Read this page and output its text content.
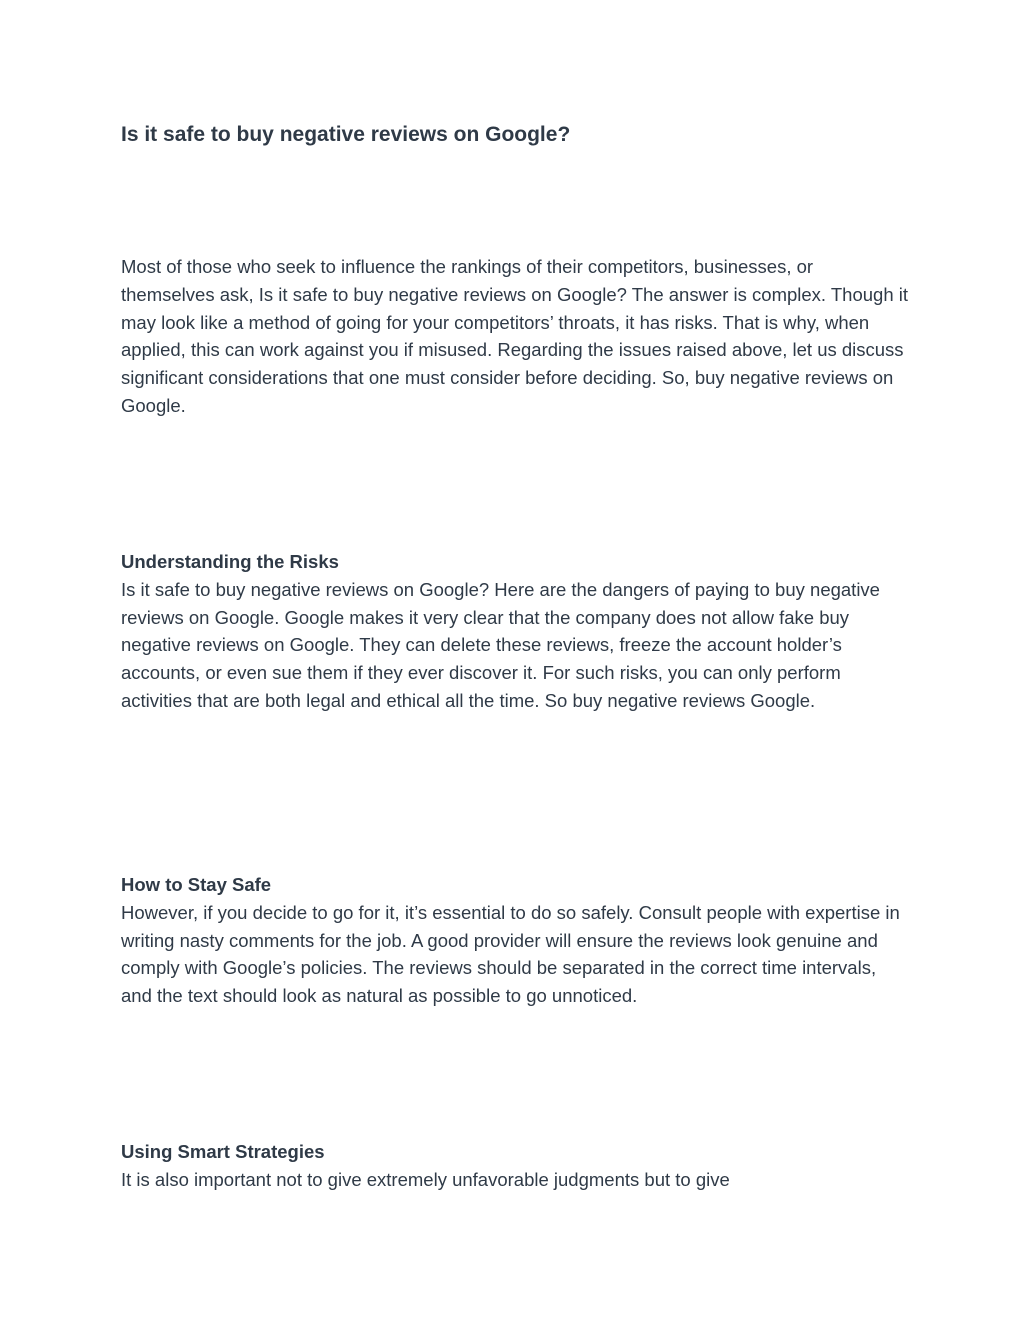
Is it safe to buy negative reviews on Google?

Most of those who seek to influence the rankings of their competitors, businesses, or themselves ask, Is it safe to buy negative reviews on Google? The answer is complex. Though it may look like a method of going for your competitors’ throats, it has risks. That is why, when applied, this can work against you if misused. Regarding the issues raised above, let us discuss significant considerations that one must consider before deciding. So, buy negative reviews on Google.

Understanding the Risks

Is it safe to buy negative reviews on Google? Here are the dangers of paying to buy negative reviews on Google. Google makes it very clear that the company does not allow fake buy negative reviews on Google. They can delete these reviews, freeze the account holder’s accounts, or even sue them if they ever discover it. For such risks, you can only perform activities that are both legal and ethical all the time. So buy negative reviews Google.

How to Stay Safe

However, if you decide to go for it, it’s essential to do so safely. Consult people with expertise in writing nasty comments for the job. A good provider will ensure the reviews look genuine and comply with Google’s policies. The reviews should be separated in the correct time intervals, and the text should look as natural as possible to go unnoticed.

Using Smart Strategies

It is also important not to give extremely unfavorable judgments but to give
